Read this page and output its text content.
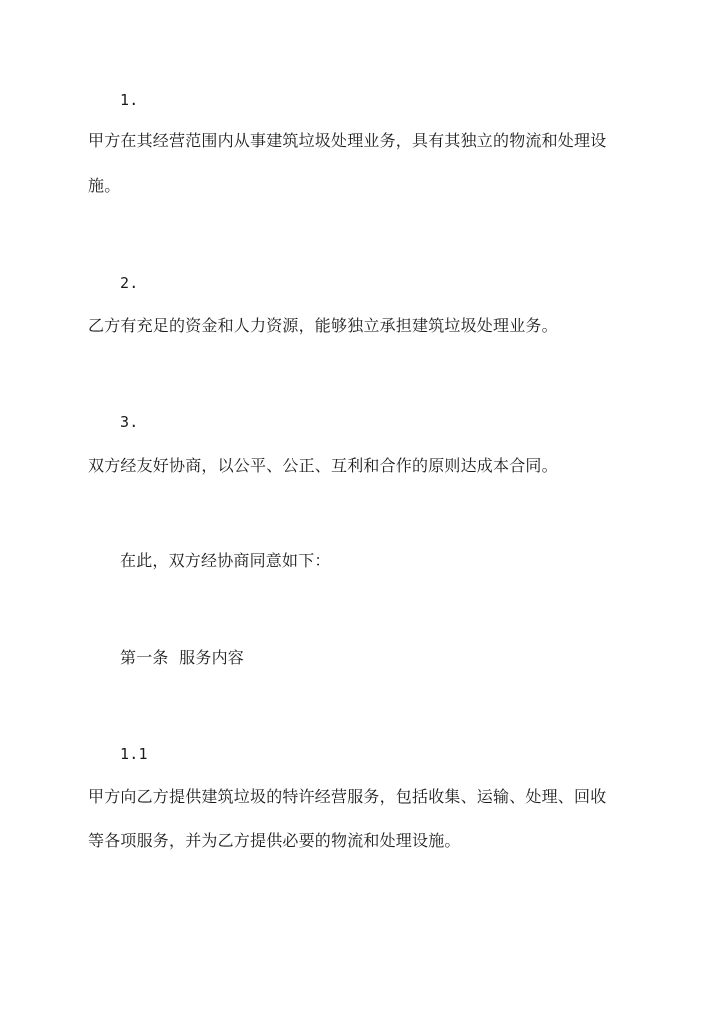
1.
甲方在其经营范围内从事建筑垃圾处理业务，具有其独立的物流和处理设
施。
2.
乙方有充足的资金和人力资源，能够独立承担建筑垃圾处理业务。
3.
双方经友好协商，以公平、公正、互利和合作的原则达成本合同。
在此，双方经协商同意如下：
第一条  服务内容
1.1
甲方向乙方提供建筑垃圾的特许经营服务，包括收集、运输、处理、回收
等各项服务，并为乙方提供必要的物流和处理设施。
